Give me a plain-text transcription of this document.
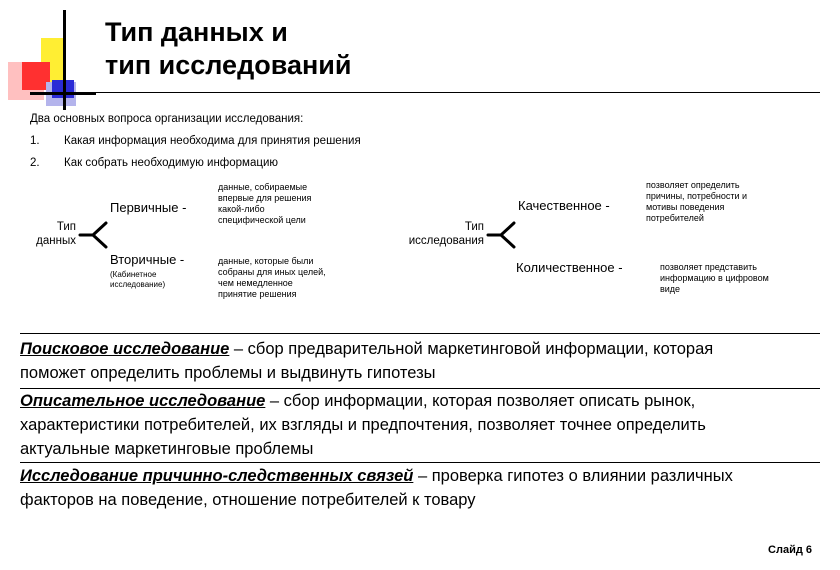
Тип данных и
тип исследований
Два основных вопроса организации исследования:
1. Какая информация необходима для принятия решения
2. Как собрать необходимую информацию
Тип
данных
Первичные -
данные, собираемые
впервые для решения
какой-либо
специфической цели
Вторичные -
(Кабинетное
исследование)
данные, которые были
собраны для иных целей,
чем немедленное
принятие решения
Тип
исследования
Качественное -
позволяет определить
причины, потребности и
мотивы поведения
потребителей
Количественное -	позволяет представить
информацию в цифровом
виде
Поисковое исследование – сбор предварительной маркетинговой информации, которая
поможет определить проблемы и выдвинуть гипотезы
Описательное исследование – сбор информации, которая позволяет описать рынок,
характеристики потребителей, их взгляды и предпочтения, позволяет точнее определить
актуальные маркетинговые проблемы
Исследование причинно-следственных связей – проверка гипотез о влиянии различных
факторов на поведение, отношение потребителей к товару
Слайд 6
